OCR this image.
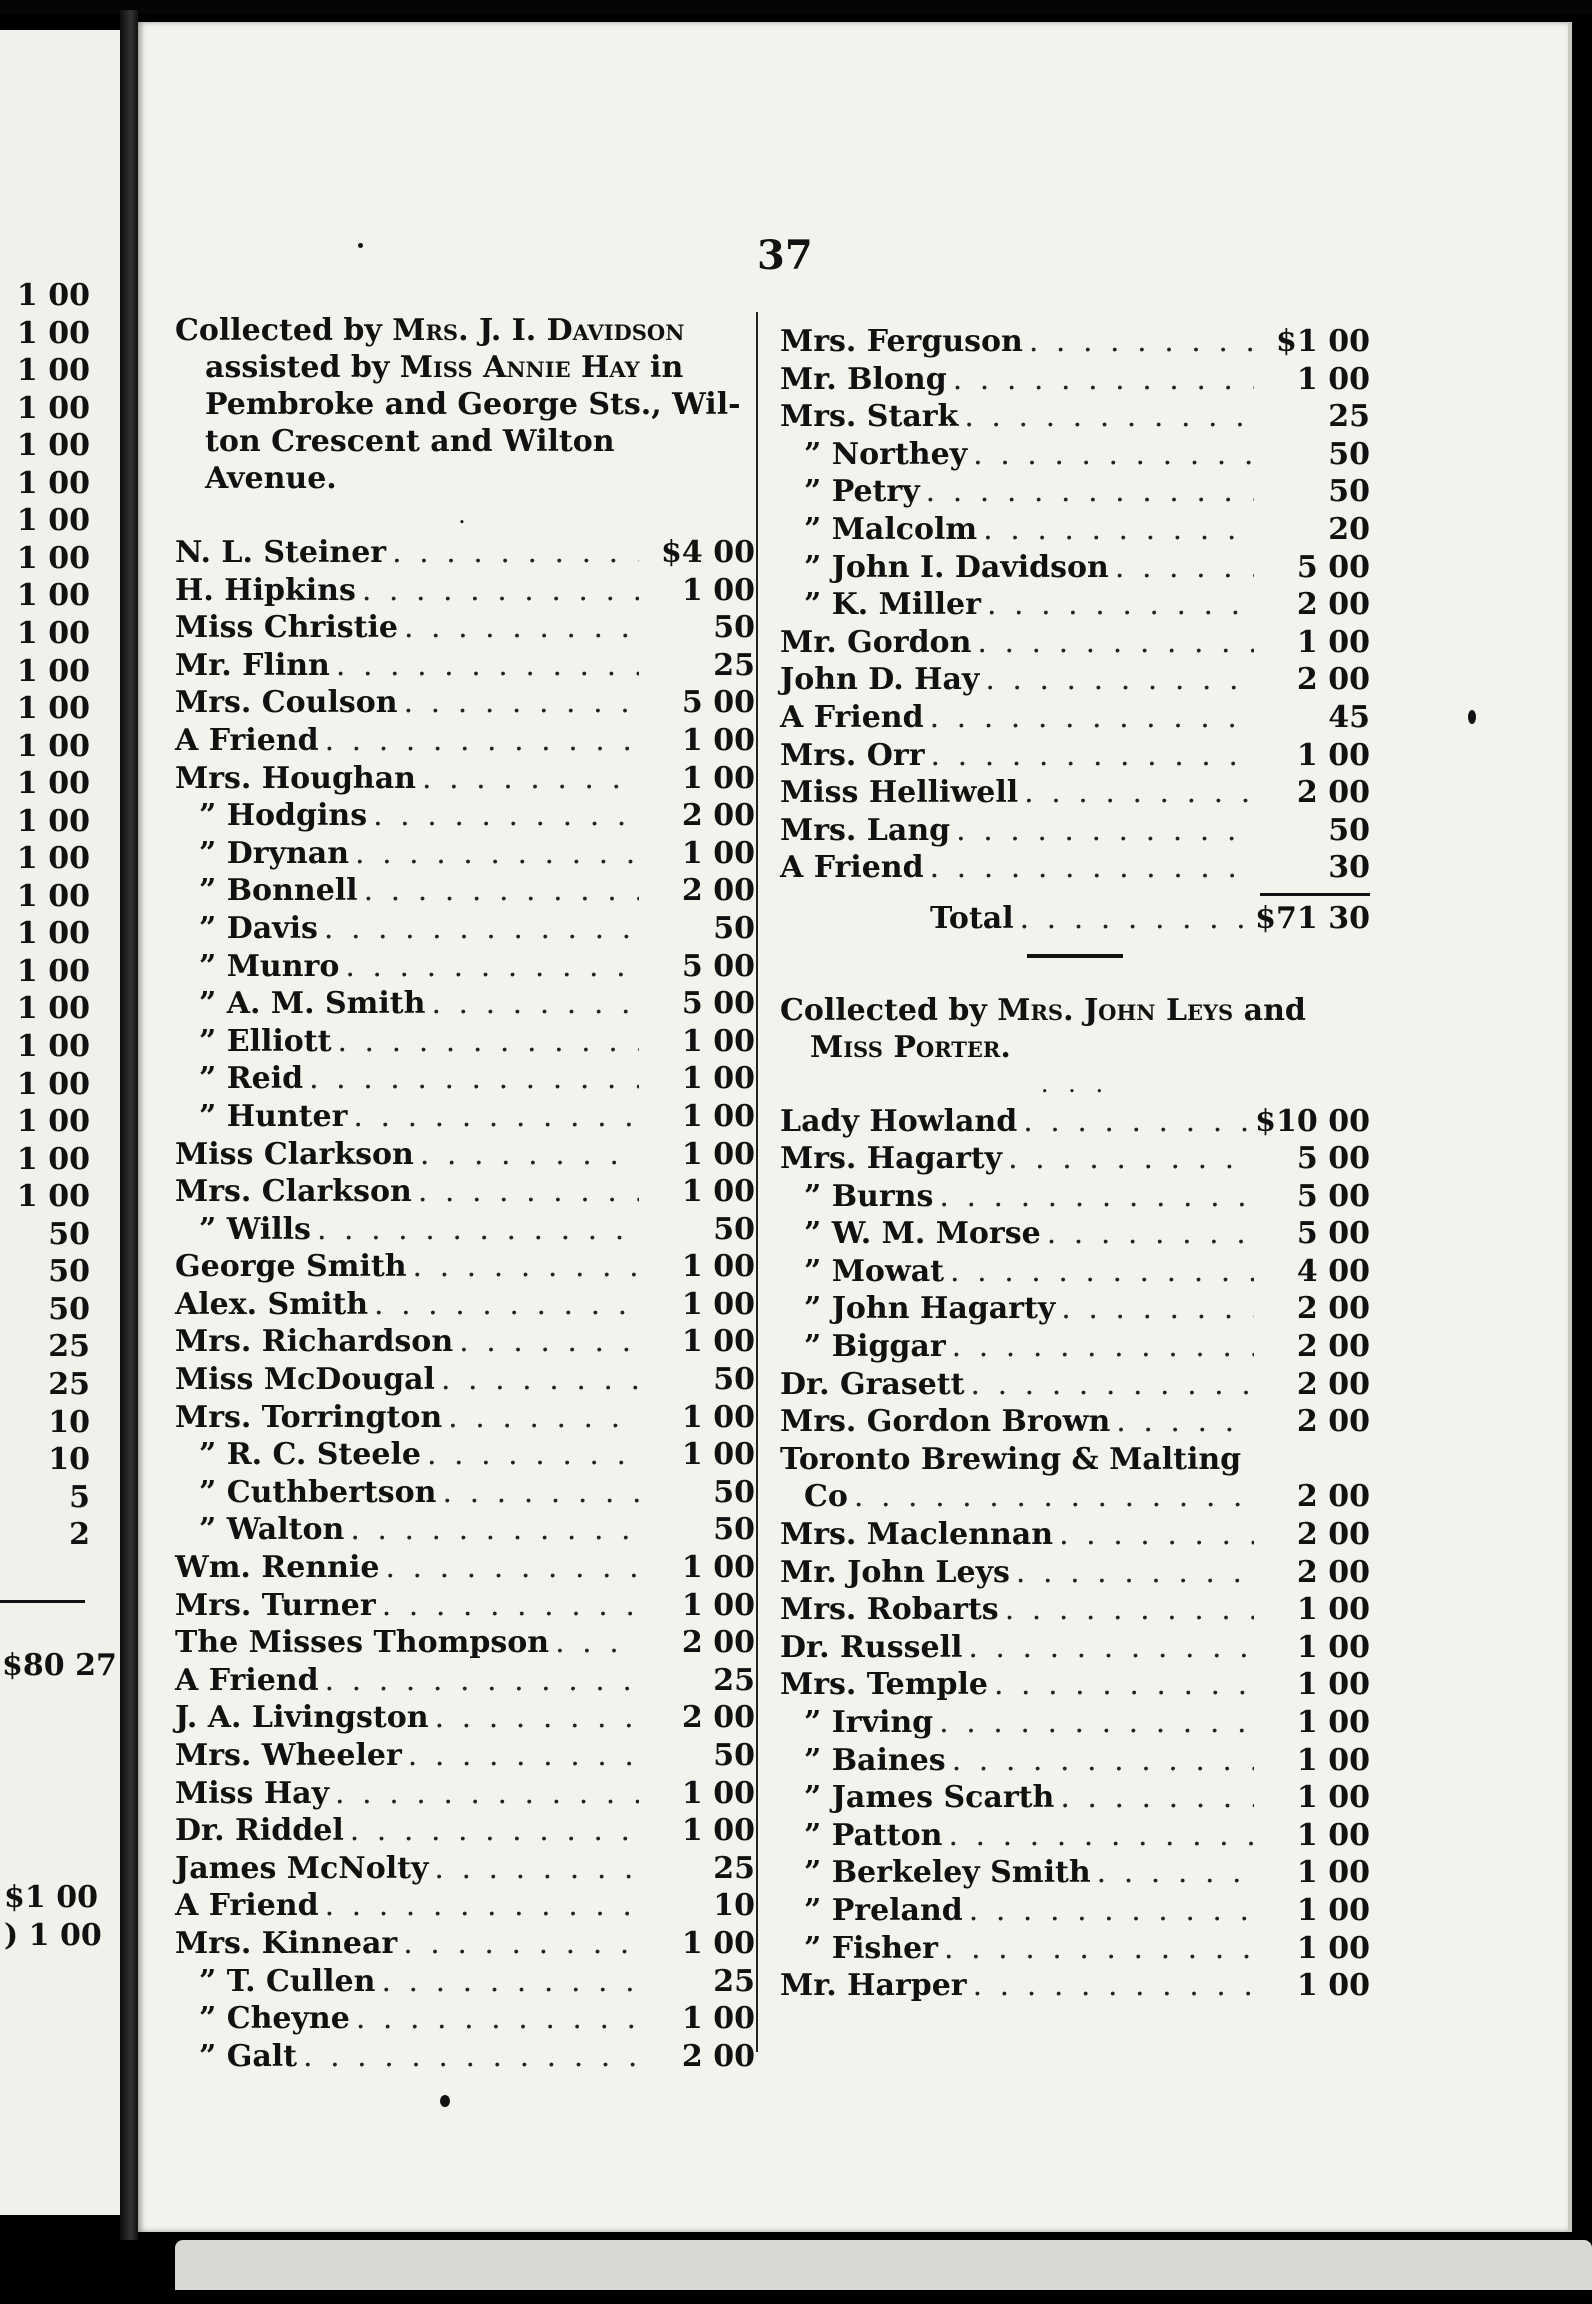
1 00
1 00
1 00
1 00
1 00
1 00
1 00
1 00
1 00
1 00
1 00
1 00
1 00
1 00
1 00
1 00
1 00
1 00
1 00
1 00
1 00
1 00
1 00
1 00
1 00
50
50
50
25
25
10
10
5
2
$80 27
$1 00
) 1 00
37

Collected by Mrs. J. I. Davidson

assisted by Miss Annie Hay in

Pembroke and George Sts., Wil-

ton Crescent and Wilton Avenue.

.
N. L. Steiner . . .	$4 00
H. Hipkins . . .	1 00
Miss Christie . . .	50
Mr. Flinn . . .	25
Mrs. Coulson . . .	5 00
A Friend . . .	1 00
Mrs. Houghan . . .	1 00
” Hodgins . . .	2 00
” Drynan . . .	1 00
” Bonnell . . .	2 00
” Davis . . .	50
” Munro . . .	5 00
” A. M. Smith . . .	5 00
” Elliott . . .	1 00
” Reid . . .	1 00
” Hunter . . .	1 00
Miss Clarkson . . .	1 00
Mrs. Clarkson . . .	1 00
” Wills . . .	50
George Smith . . .	1 00
Alex. Smith . . .	1 00
Mrs. Richardson . . .	1 00
Miss McDougal . . .	50
Mrs. Torrington . . .	1 00
” R. C. Steele . . .	1 00
” Cuthbertson . . .	50
” Walton . . .	50
Wm. Rennie . . .	1 00
Mrs. Turner . . .	1 00
The Misses Thompson . . .	2 00
A Friend . . .	25
J. A. Livingston . . .	2 00
Mrs. Wheeler . . .	50
Miss Hay . . .	1 00
Dr. Riddel . . .	1 00
James McNolty . . .	25
A Friend . . .	10
Mrs. Kinnear . . .	1 00
” T. Cullen . . .	25
” Cheyne . . .	1 00
” Galt . . .	2 00
Mrs. Ferguson . . .	$1 00
Mr. Blong . . .	1 00
Mrs. Stark . . .	25
” Northey . . .	50
” Petry . . .	50
” Malcolm . . .	20
” John I. Davidson . . .	5 00
” K. Miller . . .	2 00
Mr. Gordon . . .	1 00
John D. Hay . . .	2 00
A Friend . . .	45
Mrs. Orr . . .	1 00
Miss Helliwell . . .	2 00
Mrs. Lang . . .	50
A Friend . . .	30
Total . . .	$71 30

Collected by Mrs. John Leys and

Miss Porter.

. . .
Lady Howland . . .	$10 00
Mrs. Hagarty . . .	5 00
” Burns . . .	5 00
” W. M. Morse . . .	5 00
” Mowat . . .	4 00
” John Hagarty . . .	2 00
” Biggar . . .	2 00
Dr. Grasett . . .	2 00
Mrs. Gordon Brown . . .	2 00
Toronto Brewing & Malting
Co . . .	2 00
Mrs. Maclennan . . .	2 00
Mr. John Leys . . .	2 00
Mrs. Robarts . . .	1 00
Dr. Russell . . .	1 00
Mrs. Temple . . .	1 00
” Irving . . .	1 00
” Baines . . .	1 00
” James Scarth . . .	1 00
” Patton . . .	1 00
” Berkeley Smith . . .	1 00
” Preland . . .	1 00
” Fisher . . .	1 00
Mr. Harper . . .	1 00
